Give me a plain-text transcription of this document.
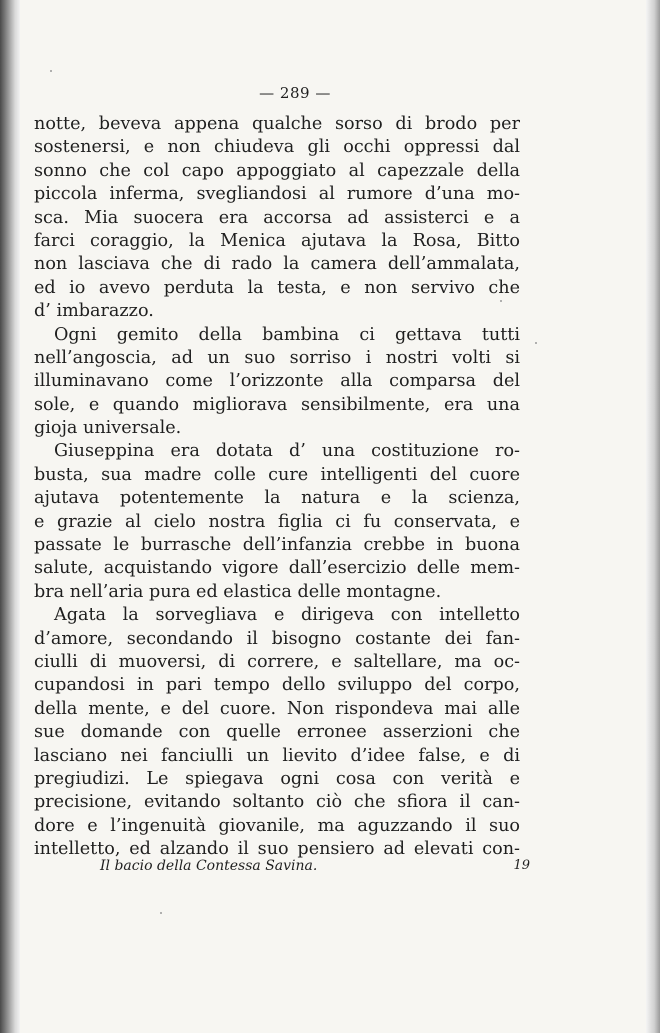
— 289 —
notte, beveva appena qualche sorso di brodo per
sostenersi, e non chiudeva gli occhi oppressi dal
sonno che col capo appoggiato al capezzale della
piccola inferma, svegliandosi al rumore d’una mo-
sca. Mia suocera era accorsa ad assisterci e a
farci coraggio, la Menica ajutava la Rosa, Bitto
non lasciava che di rado la camera dell’ammalata,
ed io avevo perduta la testa, e non servivo che
d’ imbarazzo.
Ogni gemito della bambina ci gettava tutti
nell’angoscia, ad un suo sorriso i nostri volti si
illuminavano come l’orizzonte alla comparsa del
sole, e quando migliorava sensibilmente, era una
gioja universale.
Giuseppina era dotata d’ una costituzione ro-
busta, sua madre colle cure intelligenti del cuore
ajutava potentemente la natura e la scienza,
e grazie al cielo nostra figlia ci fu conservata, e
passate le burrasche dell’infanzia crebbe in buona
salute, acquistando vigore dall’esercizio delle mem-
bra nell’aria pura ed elastica delle montagne.
Agata la sorvegliava e dirigeva con intelletto
d’amore, secondando il bisogno costante dei fan-
ciulli di muoversi, di correre, e saltellare, ma oc-
cupandosi in pari tempo dello sviluppo del corpo,
della mente, e del cuore. Non rispondeva mai alle
sue domande con quelle erronee asserzioni che
lasciano nei fanciulli un lievito d’idee false, e di
pregiudizi. Le spiegava ogni cosa con verità e
precisione, evitando soltanto ciò che sfiora il can-
dore e l’ingenuità giovanile, ma aguzzando il suo
intelletto, ed alzando il suo pensiero ad elevati con-
Il bacio della Contessa Savina.	19
